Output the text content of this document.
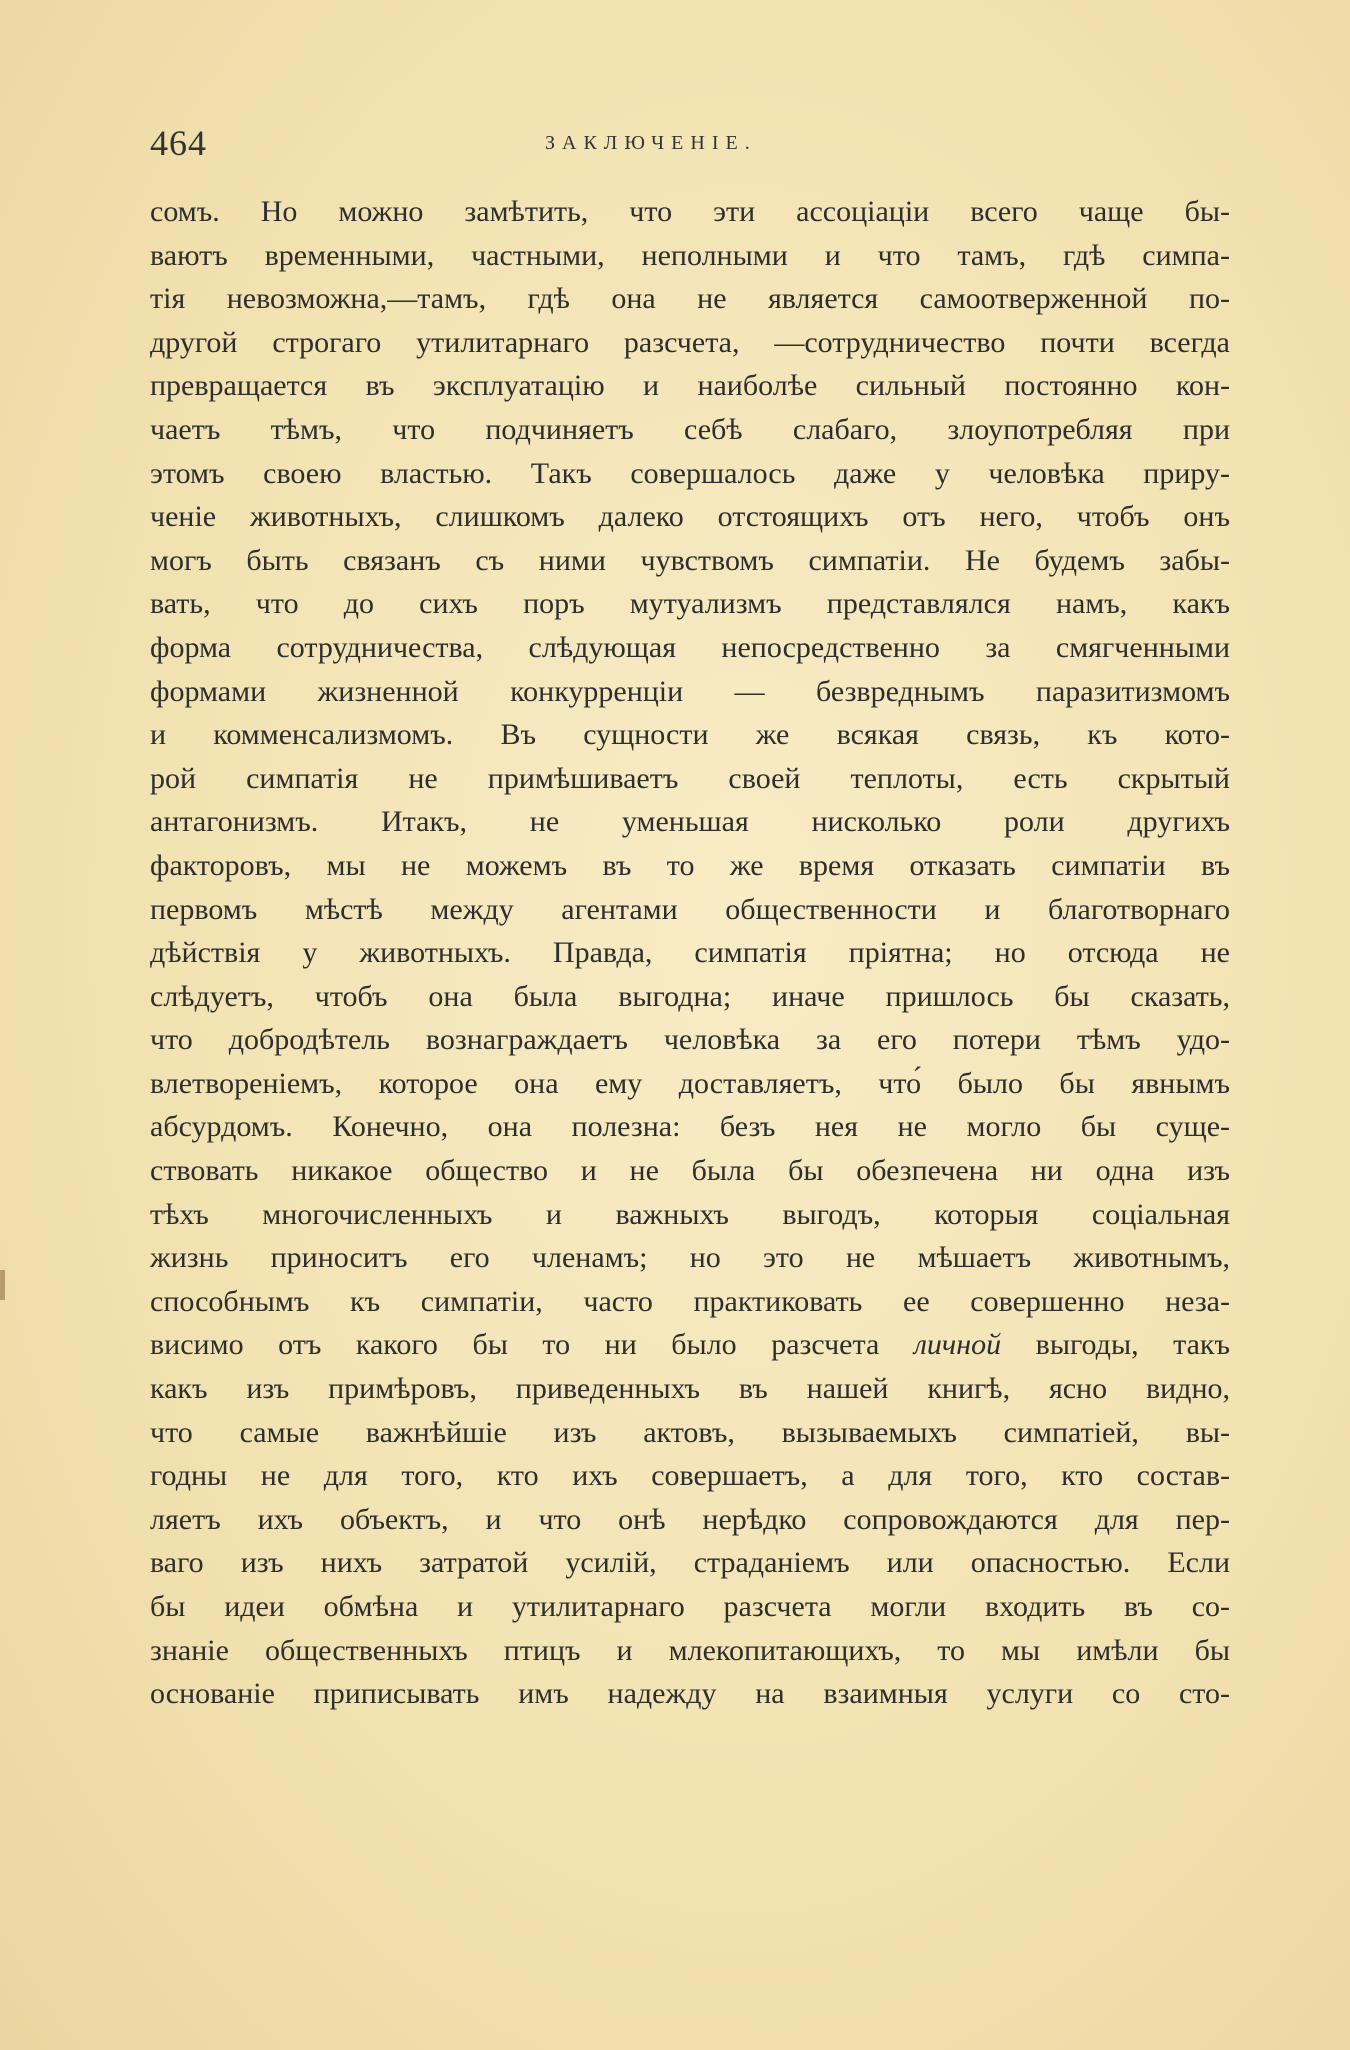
464	ЗАКЛЮЧЕНІЕ.
сомъ. Но можно замѣтить, что эти ассоціаціи всего чаще бы-
ваютъ временными, частными, неполными и что тамъ, гдѣ симпа-
тія невозможна,—тамъ, гдѣ она не является самоотверженной по-
другой строгаго утилитарнаго разсчета, —сотрудничество почти всегда
превращается въ эксплуатацію и наиболѣе сильный постоянно кон-
чаетъ тѣмъ, что подчиняетъ себѣ слабаго, злоупотребляя при
этомъ своею властью. Такъ совершалось даже у человѣка приру-
ченіе животныхъ, слишкомъ далеко отстоящихъ отъ него, чтобъ онъ
могъ быть связанъ съ ними чувствомъ симпатіи. Не будемъ забы-
вать, что до сихъ поръ мутуализмъ представлялся намъ, какъ
форма сотрудничества, слѣдующая непосредственно за смягченными
формами жизненной конкурренціи — безвреднымъ паразитизмомъ
и комменсализмомъ. Въ сущности же всякая связь, къ кото-
рой симпатія не примѣшиваетъ своей теплоты, есть скрытый
антагонизмъ. Итакъ, не уменьшая нисколько роли другихъ
факторовъ, мы не можемъ въ то же время отказать симпатіи въ
первомъ мѣстѣ между агентами общественности и благотворнаго
дѣйствія у животныхъ. Правда, симпатія пріятна; но отсюда не
слѣдуетъ, чтобъ она была выгодна; иначе пришлось бы сказать,
что добродѣтель вознаграждаетъ человѣка за его потери тѣмъ удо-
влетвореніемъ, которое она ему доставляетъ, что́ было бы явнымъ
абсурдомъ. Конечно, она полезна: безъ нея не могло бы суще-
ствовать никакое общество и не была бы обезпечена ни одна изъ
тѣхъ многочисленныхъ и важныхъ выгодъ, которыя соціальная
жизнь приноситъ его членамъ; но это не мѣшаетъ животнымъ,
способнымъ къ симпатіи, часто практиковать ее совершенно неза-
висимо отъ какого бы то ни было разсчета личной выгоды, такъ
какъ изъ примѣровъ, приведенныхъ въ нашей книгѣ, ясно видно,
что самые важнѣйшіе изъ актовъ, вызываемыхъ симпатіей, вы-
годны не для того, кто ихъ совершаетъ, а для того, кто состав-
ляетъ ихъ объектъ, и что онѣ нерѣдко сопровождаются для пер-
ваго изъ нихъ затратой усилій, страданіемъ или опасностью. Если
бы идеи обмѣна и утилитарнаго разсчета могли входить въ со-
знаніе общественныхъ птицъ и млекопитающихъ, то мы имѣли бы
основаніе приписывать имъ надежду на взаимныя услуги со сто-
